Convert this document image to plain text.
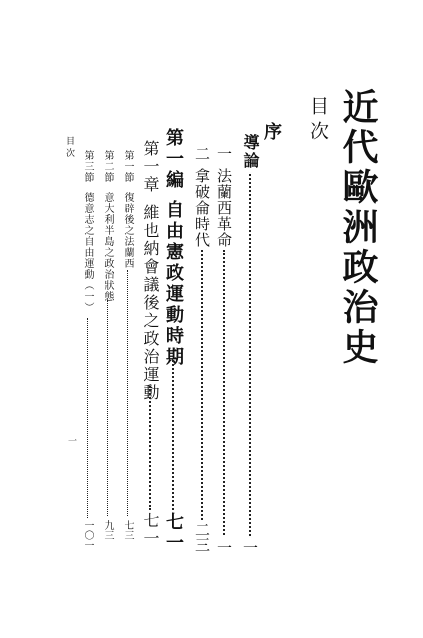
目次
一
近代歐洲政治史
目次
序
導論
一
一
法蘭西革命
一
二
拿破侖時代
二三
第一編
自由憲政運動時期
七一
第一章
維也納會議後之政治運動
七一
第一節
復辟後之法蘭西
七三
第二節
意大利半島之政治狀態
九三
第三節
德意志之自由運動（一）
一〇一
